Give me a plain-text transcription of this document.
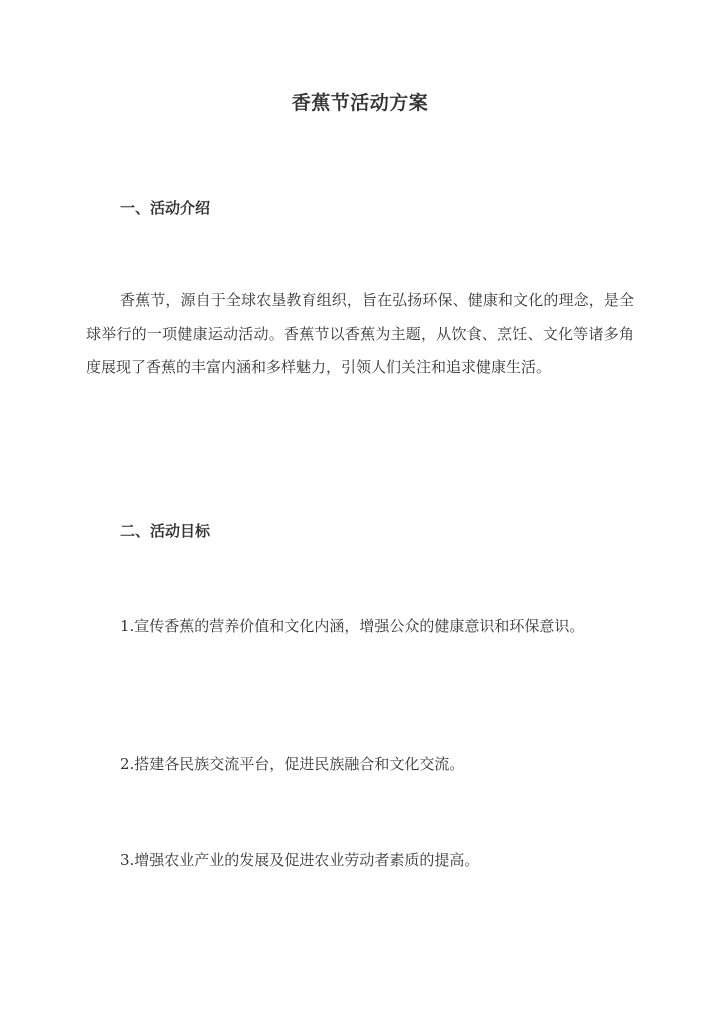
香蕉节活动方案
一、活动介绍

香蕉节，源自于全球农垦教育组织，旨在弘扬环保、健康和文化的理念，是全球举行的一项健康运动活动。香蕉节以香蕉为主题，从饮食、烹饪、文化等诸多角度展现了香蕉的丰富内涵和多样魅力，引领人们关注和追求健康生活。

二、活动目标

1.宣传香蕉的营养价值和文化内涵，增强公众的健康意识和环保意识。

2.搭建各民族交流平台，促进民族融合和文化交流。

3.增强农业产业的发展及促进农业劳动者素质的提高。
